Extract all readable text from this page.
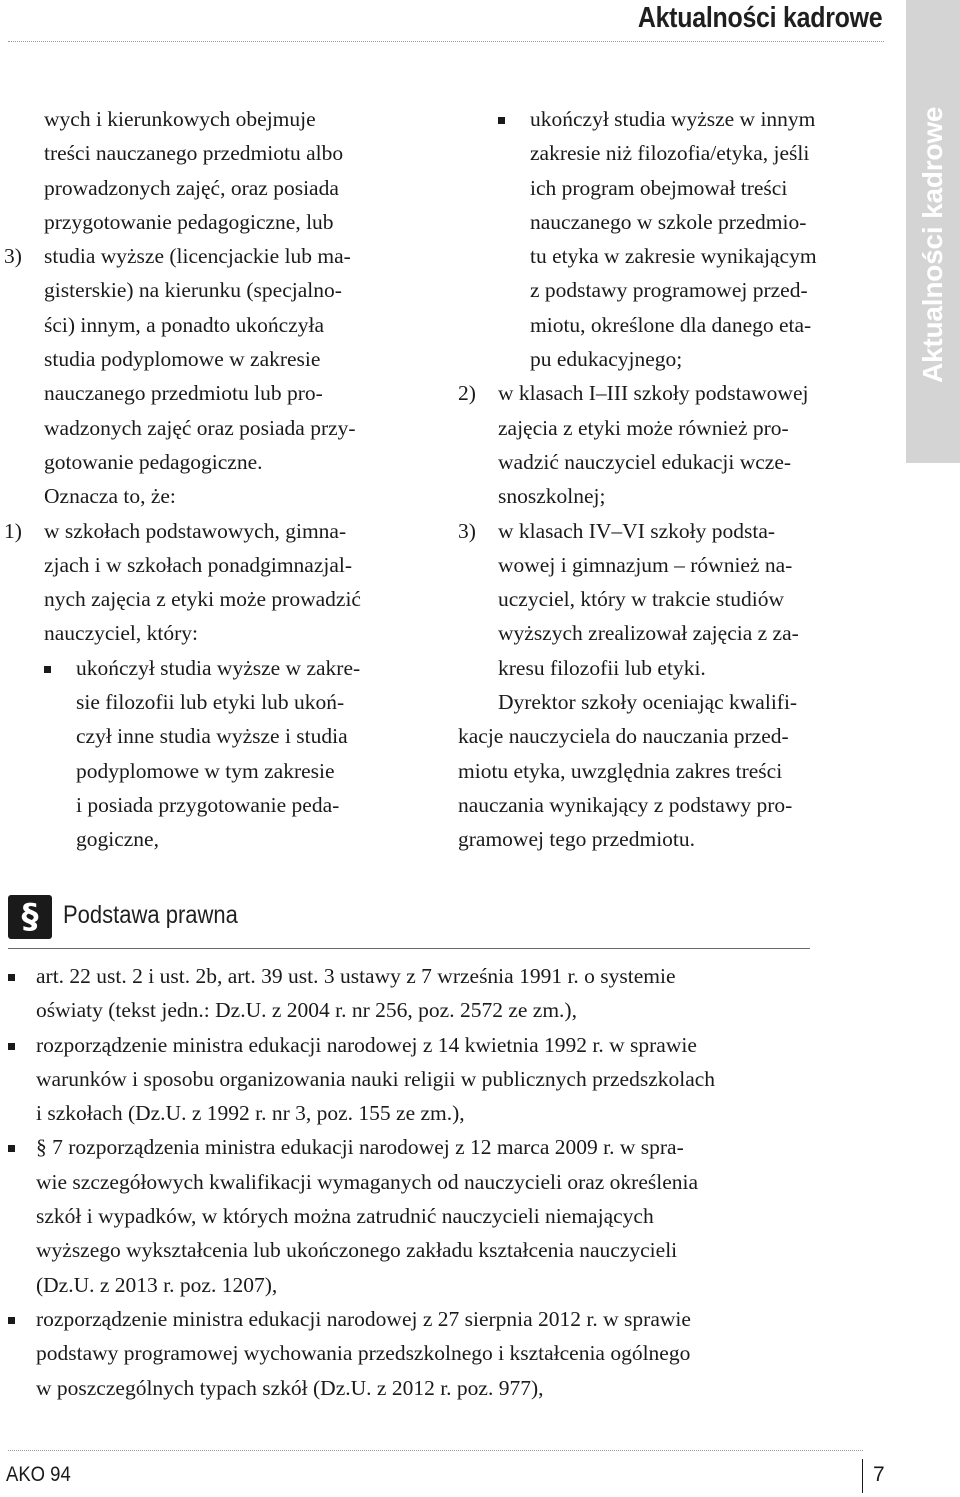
Aktualności kadrowe
Aktualności kadrowe
wych i kierunkowych obejmuje
treści nauczanego przedmiotu albo
prowadzonych zajęć, oraz posiada
przygotowanie pedagogiczne, lub
3) studia wyższe (licencjackie lub ma-
gisterskie) na kierunku (specjalno-
ści) innym, a ponadto ukończyła
studia podyplomowe w zakresie
nauczanego przedmiotu lub pro-
wadzonych zajęć oraz posiada przy-
gotowanie pedagogiczne.
Oznacza to, że:
1) w szkołach podstawowych, gimna-
zjach i w szkołach ponadgimnazjal-
nych zajęcia z etyki może prowadzić
nauczyciel, który:
ukończył studia wyższe w zakre-
sie filozofii lub etyki lub ukoń-
czył inne studia wyższe i studia
podyplomowe w tym zakresie
i posiada przygotowanie peda-
gogiczne,
ukończył studia wyższe w innym
zakresie niż filozofia/etyka, jeśli
ich program obejmował treści
nauczanego w szkole przedmio-
tu etyka w zakresie wynikającym
z podstawy programowej przed-
miotu, określone dla danego eta-
pu edukacyjnego;
2) w klasach I–III szkoły podstawowej
zajęcia z etyki może również pro-
wadzić nauczyciel edukacji wcze-
snoszkolnej;
3) w klasach IV–VI szkoły podsta-
wowej i gimnazjum – również na-
uczyciel, który w trakcie studiów
wyższych zrealizował zajęcia z za-
kresu filozofii lub etyki.
Dyrektor szkoły oceniając kwalifi-
kacje nauczyciela do nauczania przed-
miotu etyka, uwzględnia zakres treści
nauczania wynikający z podstawy pro-
gramowej tego przedmiotu.
§ Podstawa prawna
art. 22 ust. 2 i ust. 2b, art. 39 ust. 3 ustawy z 7 września 1991 r. o systemie
oświaty (tekst jedn.: Dz.U. z 2004 r. nr 256, poz. 2572 ze zm.),
rozporządzenie ministra edukacji narodowej z 14 kwietnia 1992 r. w sprawie
warunków i sposobu organizowania nauki religii w publicznych przedszkolach
i szkołach (Dz.U. z 1992 r. nr 3, poz. 155 ze zm.),
§ 7 rozporządzenia ministra edukacji narodowej z 12 marca 2009 r. w spra-
wie szczegółowych kwalifikacji wymaganych od nauczycieli oraz określenia
szkół i wypadków, w których można zatrudnić nauczycieli niemających
wyższego wykształcenia lub ukończonego zakładu kształcenia nauczycieli
(Dz.U. z 2013 r. poz. 1207),
rozporządzenie ministra edukacji narodowej z 27 sierpnia 2012 r. w sprawie
podstawy programowej wychowania przedszkolnego i kształcenia ogólnego
w poszczególnych typach szkół (Dz.U. z 2012 r. poz. 977),
AKO 94	7
